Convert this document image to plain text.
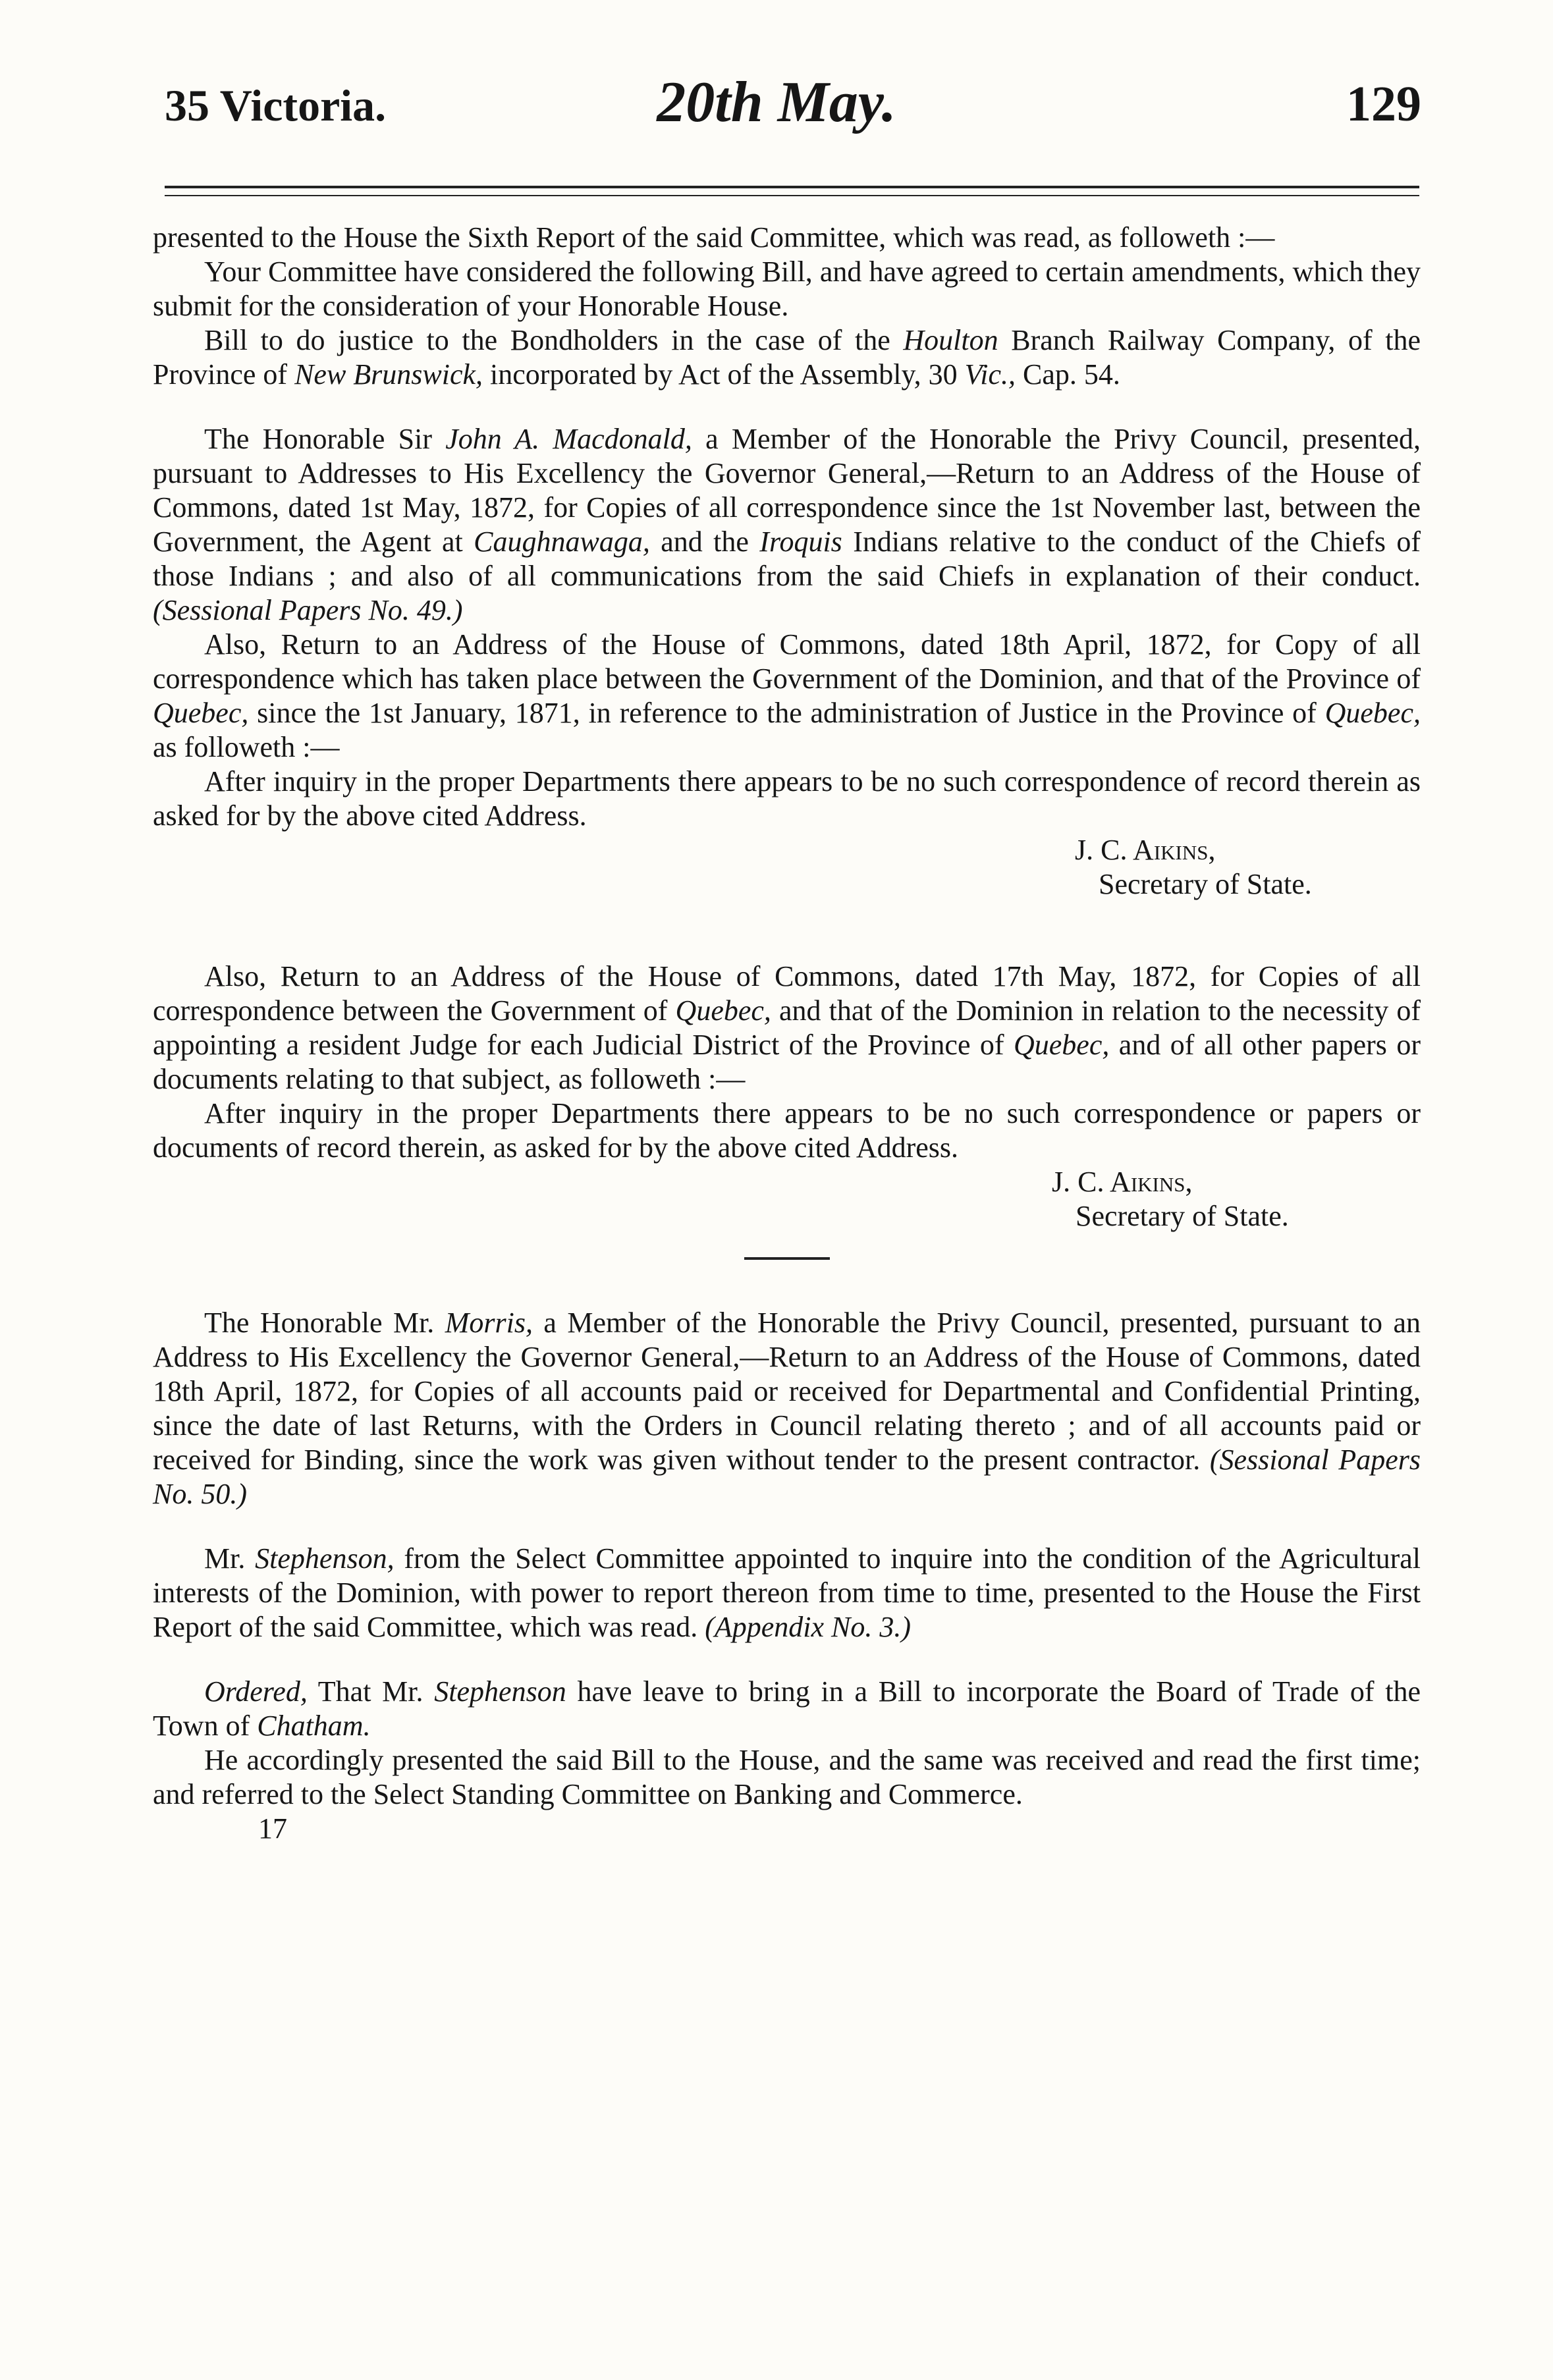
35 Victoria.	20th May.	129

presented to the House the Sixth Report of the said Committee, which was read, as followeth :—

Your Committee have considered the following Bill, and have agreed to certain amendments, which they submit for the consideration of your Honorable House.

Bill to do justice to the Bondholders in the case of the Houlton Branch Railway Company, of the Province of New Brunswick, incorporated by Act of the Assembly, 30 Vic., Cap. 54.

The Honorable Sir John A. Macdonald, a Member of the Honorable the Privy Council, presented, pursuant to Addresses to His Excellency the Governor General,—Return to an Address of the House of Commons, dated 1st May, 1872, for Copies of all correspondence since the 1st November last, between the Government, the Agent at Caughnawaga, and the Iroquis Indians relative to the conduct of the Chiefs of those Indians ; and also of all communications from the said Chiefs in explanation of their conduct. (Sessional Papers No. 49.)

Also, Return to an Address of the House of Commons, dated 18th April, 1872, for Copy of all correspondence which has taken place between the Government of the Dominion, and that of the Province of Quebec, since the 1st January, 1871, in reference to the administration of Justice in the Province of Quebec, as followeth :—

After inquiry in the proper Departments there appears to be no such correspondence of record therein as asked for by the above cited Address.

J. C. Aikins,
Secretary of State.

Also, Return to an Address of the House of Commons, dated 17th May, 1872, for Copies of all correspondence between the Government of Quebec, and that of the Dominion in relation to the necessity of appointing a resident Judge for each Judicial District of the Province of Quebec, and of all other papers or documents relating to that subject, as followeth :—

After inquiry in the proper Departments there appears to be no such correspondence or papers or documents of record therein, as asked for by the above cited Address.

J. C. Aikins,
Secretary of State.

The Honorable Mr. Morris, a Member of the Honorable the Privy Council, presented, pursuant to an Address to His Excellency the Governor General,—Return to an Address of the House of Commons, dated 18th April, 1872, for Copies of all accounts paid or received for Departmental and Confidential Printing, since the date of last Returns, with the Orders in Council relating thereto ; and of all accounts paid or received for Binding, since the work was given without tender to the present contractor. (Sessional Papers No. 50.)

Mr. Stephenson, from the Select Committee appointed to inquire into the condition of the Agricultural interests of the Dominion, with power to report thereon from time to time, presented to the House the First Report of the said Committee, which was read. (Appendix No. 3.)

Ordered, That Mr. Stephenson have leave to bring in a Bill to incorporate the Board of Trade of the Town of Chatham.

He accordingly presented the said Bill to the House, and the same was received and read the first time; and referred to the Select Standing Committee on Banking and Commerce.

17
